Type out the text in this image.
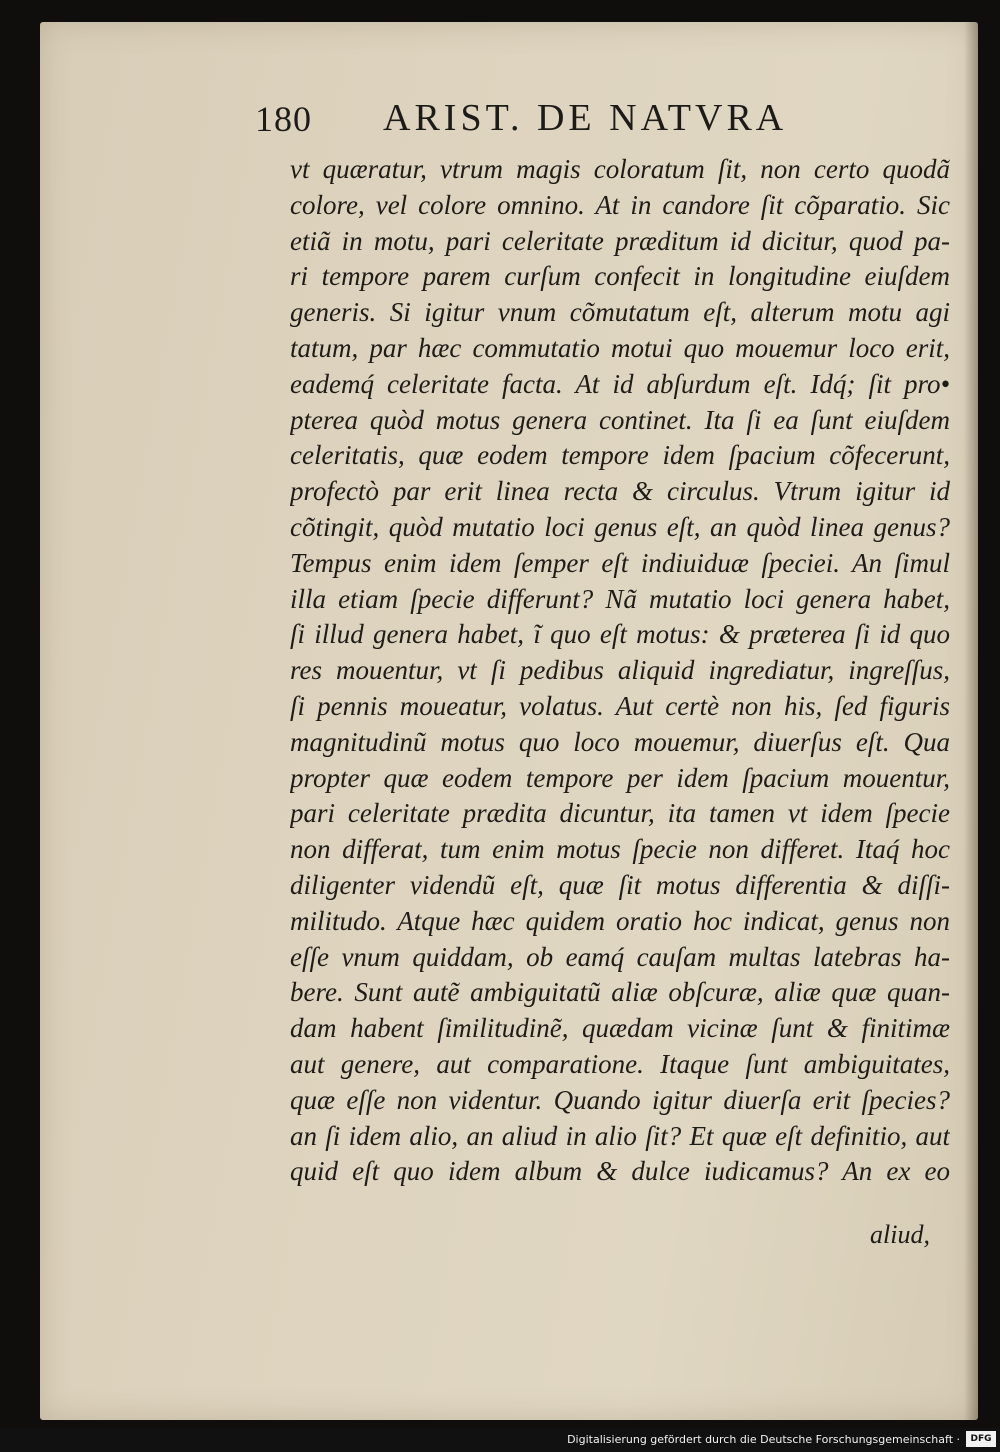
180 ARIST. DE NATVRA
vt quæratur, vtrum magis coloratum ſit, non certo quodã
colore, vel colore omnino. At in candore ſit cõparatio. Sic
etiã in motu, pari celeritate præditum id dicitur, quod pa-
ri tempore parem curſum confecit in longitudine eiuſdem
generis. Si igitur vnum cõmutatum eſt, alterum motu agi
tatum, par hæc commutatio motui quo mouemur loco erit,
eademq́ celeritate facta. At id abſurdum eſt. Idq́; ſit pro•
pterea quòd motus genera continet. Ita ſi ea ſunt eiuſdem
celeritatis, quæ eodem tempore idem ſpacium cõfecerunt,
profectò par erit linea recta & circulus. Vtrum igitur id
cõtingit, quòd mutatio loci genus eſt, an quòd linea genus?
Tempus enim idem ſemper eſt indiuiduæ ſpeciei. An ſimul
illa etiam ſpecie differunt? Nã mutatio loci genera habet,
ſi illud genera habet, ĩ quo eſt motus: & præterea ſi id quo
res mouentur, vt ſi pedibus aliquid ingrediatur, ingreſſus,
ſi pennis moueatur, volatus. Aut certè non his, ſed figuris
magnitudinũ motus quo loco mouemur, diuerſus eſt. Qua
propter quæ eodem tempore per idem ſpacium mouentur,
pari celeritate prædita dicuntur, ita tamen vt idem ſpecie
non differat, tum enim motus ſpecie non differet. Itaq́ hoc
diligenter videndũ eſt, quæ ſit motus differentia & diſſi-
militudo. Atque hæc quidem oratio hoc indicat, genus non
eſſe vnum quiddam, ob eamq́ cauſam multas latebras ha-
bere. Sunt autẽ ambiguitatũ aliæ obſcuræ, aliæ quæ quan-
dam habent ſimilitudinẽ, quædam vicinæ ſunt & finitimæ
aut genere, aut comparatione. Itaque ſunt ambiguitates,
quæ eſſe non videntur. Quando igitur diuerſa erit ſpecies?
an ſi idem alio, an aliud in alio ſit? Et quæ eſt definitio, aut
quid eſt quo idem album & dulce iudicamus? An ex eo
aliud,
Digitalisierung gefördert durch die Deutsche Forschungsgemeinschaft ·	DFG
